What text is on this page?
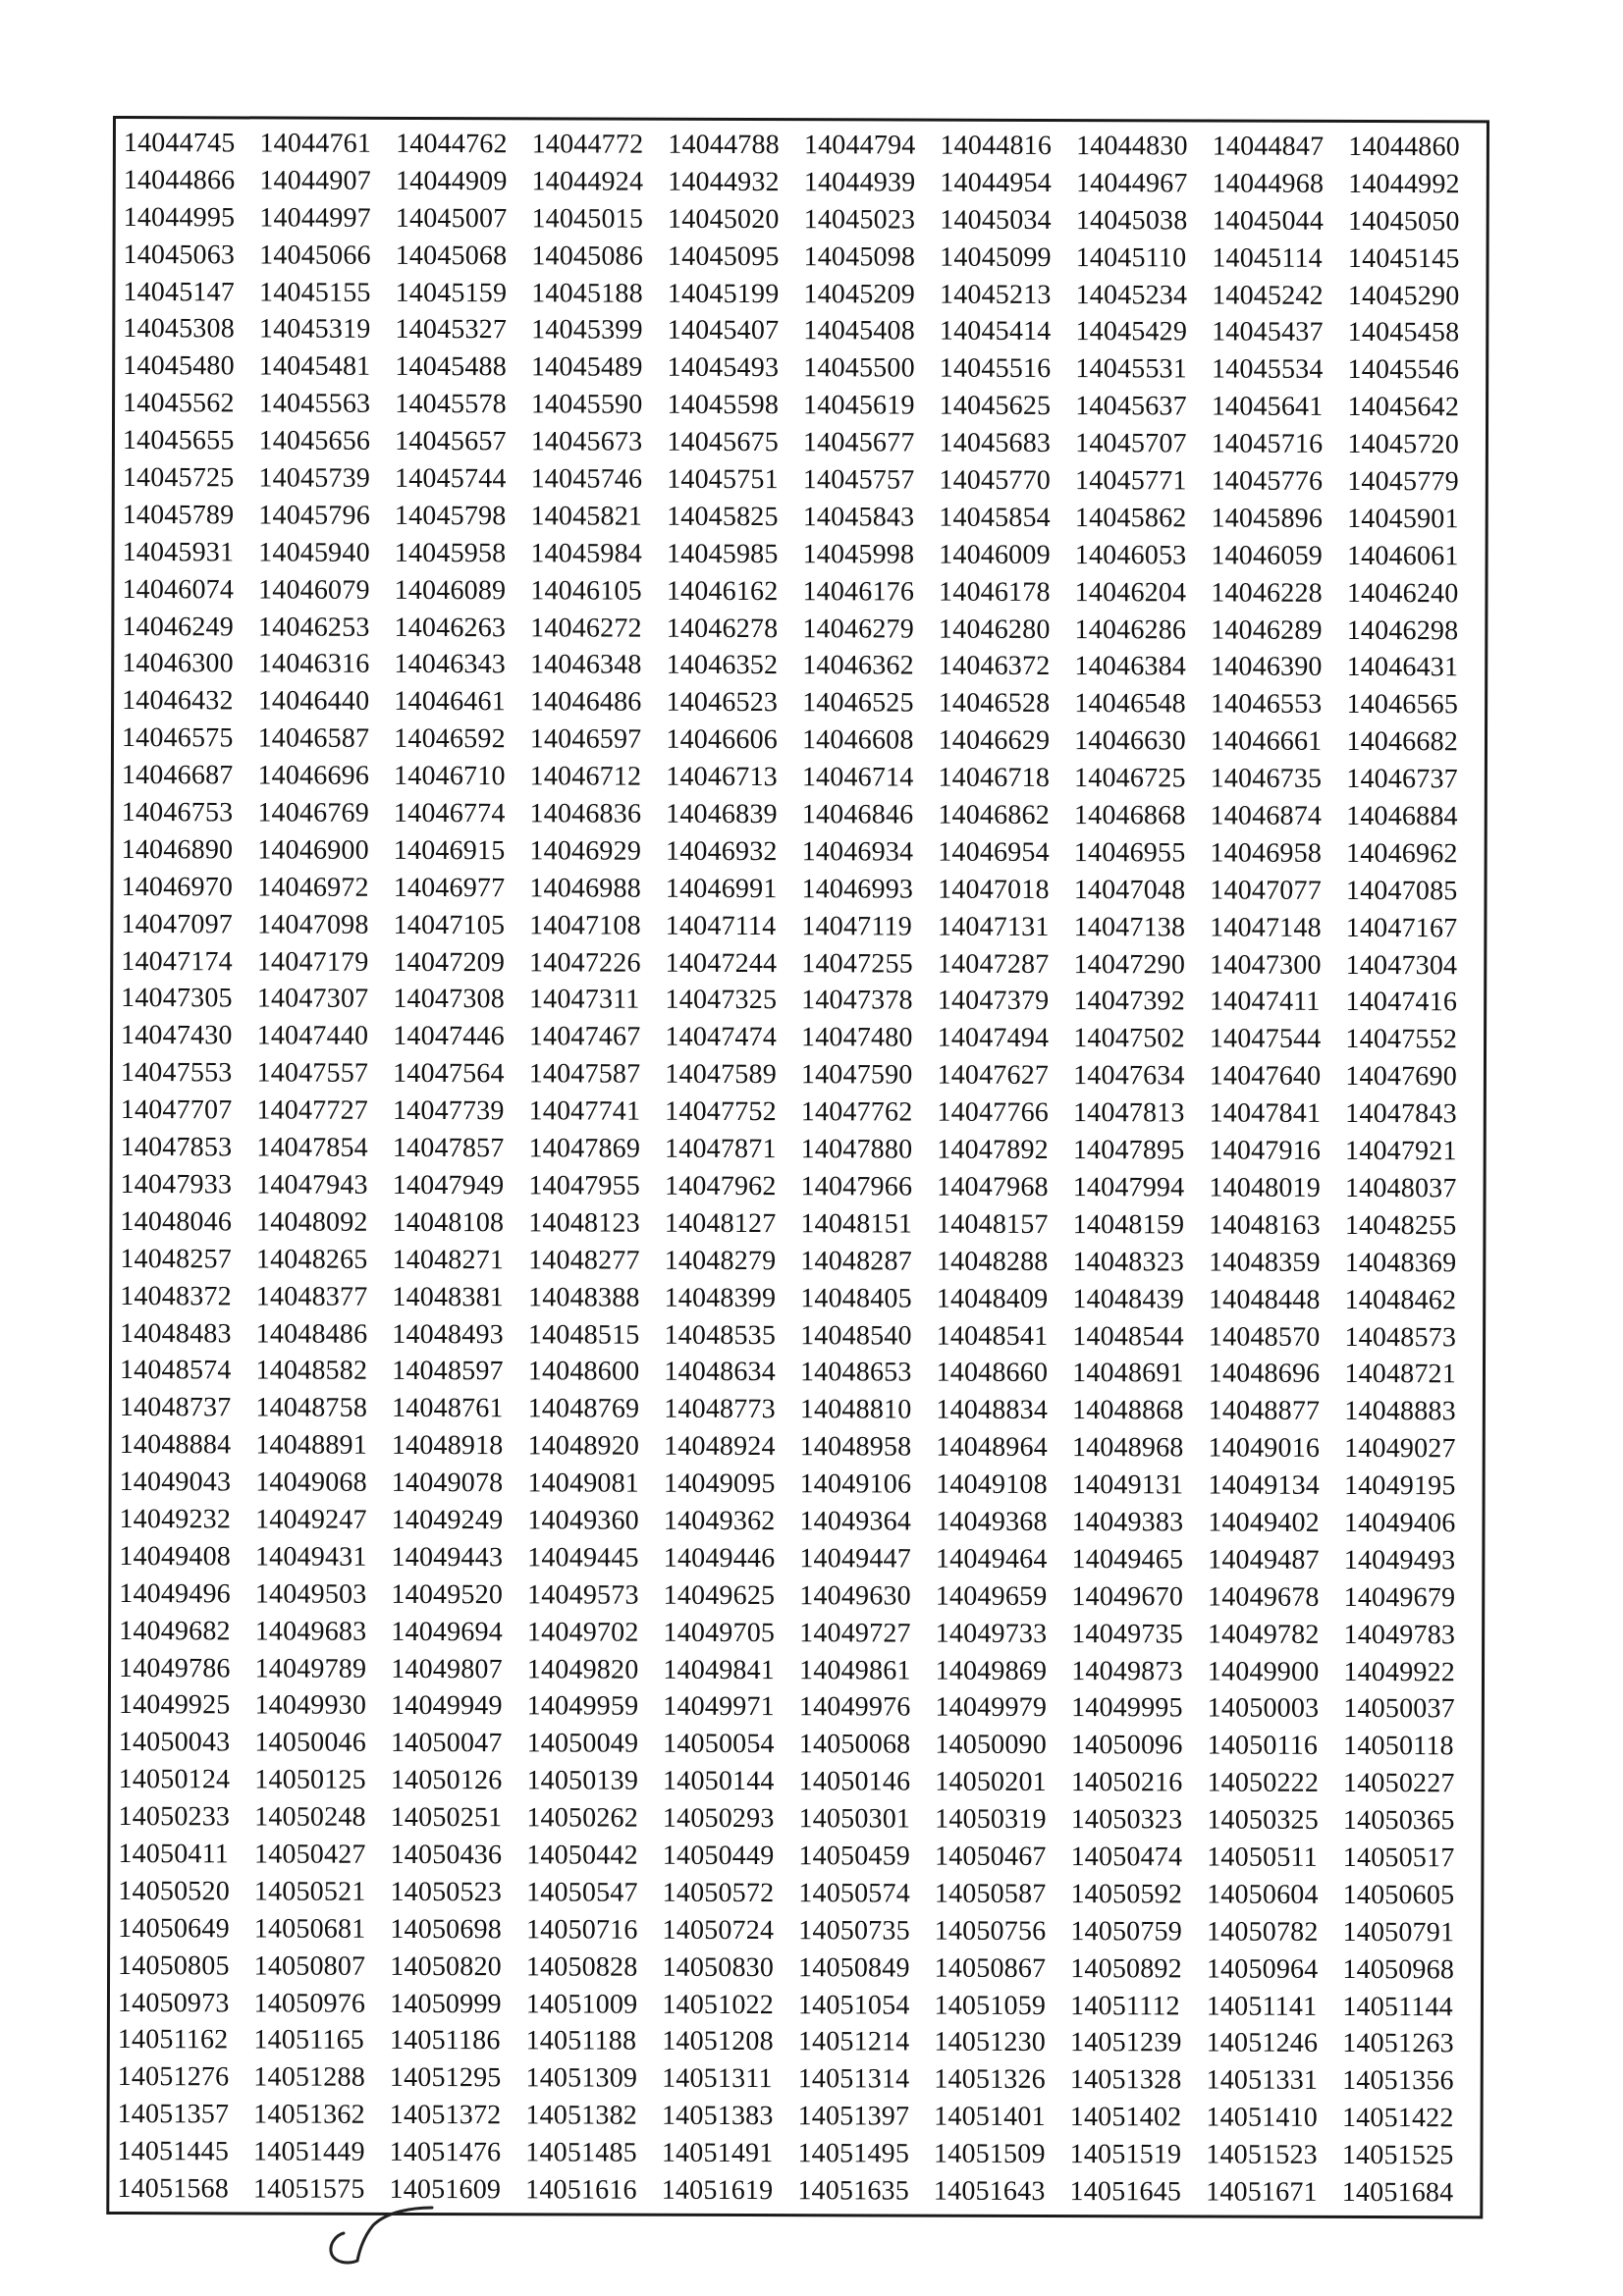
14044745 14044761 14044762 14044772 14044788 14044794 14044816 14044830 14044847 14044860
14044866 14044907 14044909 14044924 14044932 14044939 14044954 14044967 14044968 14044992
14044995 14044997 14045007 14045015 14045020 14045023 14045034 14045038 14045044 14045050
14045063 14045066 14045068 14045086 14045095 14045098 14045099 14045110 14045114 14045145
14045147 14045155 14045159 14045188 14045199 14045209 14045213 14045234 14045242 14045290
14045308 14045319 14045327 14045399 14045407 14045408 14045414 14045429 14045437 14045458
14045480 14045481 14045488 14045489 14045493 14045500 14045516 14045531 14045534 14045546
14045562 14045563 14045578 14045590 14045598 14045619 14045625 14045637 14045641 14045642
14045655 14045656 14045657 14045673 14045675 14045677 14045683 14045707 14045716 14045720
14045725 14045739 14045744 14045746 14045751 14045757 14045770 14045771 14045776 14045779
14045789 14045796 14045798 14045821 14045825 14045843 14045854 14045862 14045896 14045901
14045931 14045940 14045958 14045984 14045985 14045998 14046009 14046053 14046059 14046061
14046074 14046079 14046089 14046105 14046162 14046176 14046178 14046204 14046228 14046240
14046249 14046253 14046263 14046272 14046278 14046279 14046280 14046286 14046289 14046298
14046300 14046316 14046343 14046348 14046352 14046362 14046372 14046384 14046390 14046431
14046432 14046440 14046461 14046486 14046523 14046525 14046528 14046548 14046553 14046565
14046575 14046587 14046592 14046597 14046606 14046608 14046629 14046630 14046661 14046682
14046687 14046696 14046710 14046712 14046713 14046714 14046718 14046725 14046735 14046737
14046753 14046769 14046774 14046836 14046839 14046846 14046862 14046868 14046874 14046884
14046890 14046900 14046915 14046929 14046932 14046934 14046954 14046955 14046958 14046962
14046970 14046972 14046977 14046988 14046991 14046993 14047018 14047048 14047077 14047085
14047097 14047098 14047105 14047108 14047114 14047119 14047131 14047138 14047148 14047167
14047174 14047179 14047209 14047226 14047244 14047255 14047287 14047290 14047300 14047304
14047305 14047307 14047308 14047311 14047325 14047378 14047379 14047392 14047411 14047416
14047430 14047440 14047446 14047467 14047474 14047480 14047494 14047502 14047544 14047552
14047553 14047557 14047564 14047587 14047589 14047590 14047627 14047634 14047640 14047690
14047707 14047727 14047739 14047741 14047752 14047762 14047766 14047813 14047841 14047843
14047853 14047854 14047857 14047869 14047871 14047880 14047892 14047895 14047916 14047921
14047933 14047943 14047949 14047955 14047962 14047966 14047968 14047994 14048019 14048037
14048046 14048092 14048108 14048123 14048127 14048151 14048157 14048159 14048163 14048255
14048257 14048265 14048271 14048277 14048279 14048287 14048288 14048323 14048359 14048369
14048372 14048377 14048381 14048388 14048399 14048405 14048409 14048439 14048448 14048462
14048483 14048486 14048493 14048515 14048535 14048540 14048541 14048544 14048570 14048573
14048574 14048582 14048597 14048600 14048634 14048653 14048660 14048691 14048696 14048721
14048737 14048758 14048761 14048769 14048773 14048810 14048834 14048868 14048877 14048883
14048884 14048891 14048918 14048920 14048924 14048958 14048964 14048968 14049016 14049027
14049043 14049068 14049078 14049081 14049095 14049106 14049108 14049131 14049134 14049195
14049232 14049247 14049249 14049360 14049362 14049364 14049368 14049383 14049402 14049406
14049408 14049431 14049443 14049445 14049446 14049447 14049464 14049465 14049487 14049493
14049496 14049503 14049520 14049573 14049625 14049630 14049659 14049670 14049678 14049679
14049682 14049683 14049694 14049702 14049705 14049727 14049733 14049735 14049782 14049783
14049786 14049789 14049807 14049820 14049841 14049861 14049869 14049873 14049900 14049922
14049925 14049930 14049949 14049959 14049971 14049976 14049979 14049995 14050003 14050037
14050043 14050046 14050047 14050049 14050054 14050068 14050090 14050096 14050116 14050118
14050124 14050125 14050126 14050139 14050144 14050146 14050201 14050216 14050222 14050227
14050233 14050248 14050251 14050262 14050293 14050301 14050319 14050323 14050325 14050365
14050411 14050427 14050436 14050442 14050449 14050459 14050467 14050474 14050511 14050517
14050520 14050521 14050523 14050547 14050572 14050574 14050587 14050592 14050604 14050605
14050649 14050681 14050698 14050716 14050724 14050735 14050756 14050759 14050782 14050791
14050805 14050807 14050820 14050828 14050830 14050849 14050867 14050892 14050964 14050968
14050973 14050976 14050999 14051009 14051022 14051054 14051059 14051112 14051141 14051144
14051162 14051165 14051186 14051188 14051208 14051214 14051230 14051239 14051246 14051263
14051276 14051288 14051295 14051309 14051311 14051314 14051326 14051328 14051331 14051356
14051357 14051362 14051372 14051382 14051383 14051397 14051401 14051402 14051410 14051422
14051445 14051449 14051476 14051485 14051491 14051495 14051509 14051519 14051523 14051525
14051568 14051575 14051609 14051616 14051619 14051635 14051643 14051645 14051671 14051684
